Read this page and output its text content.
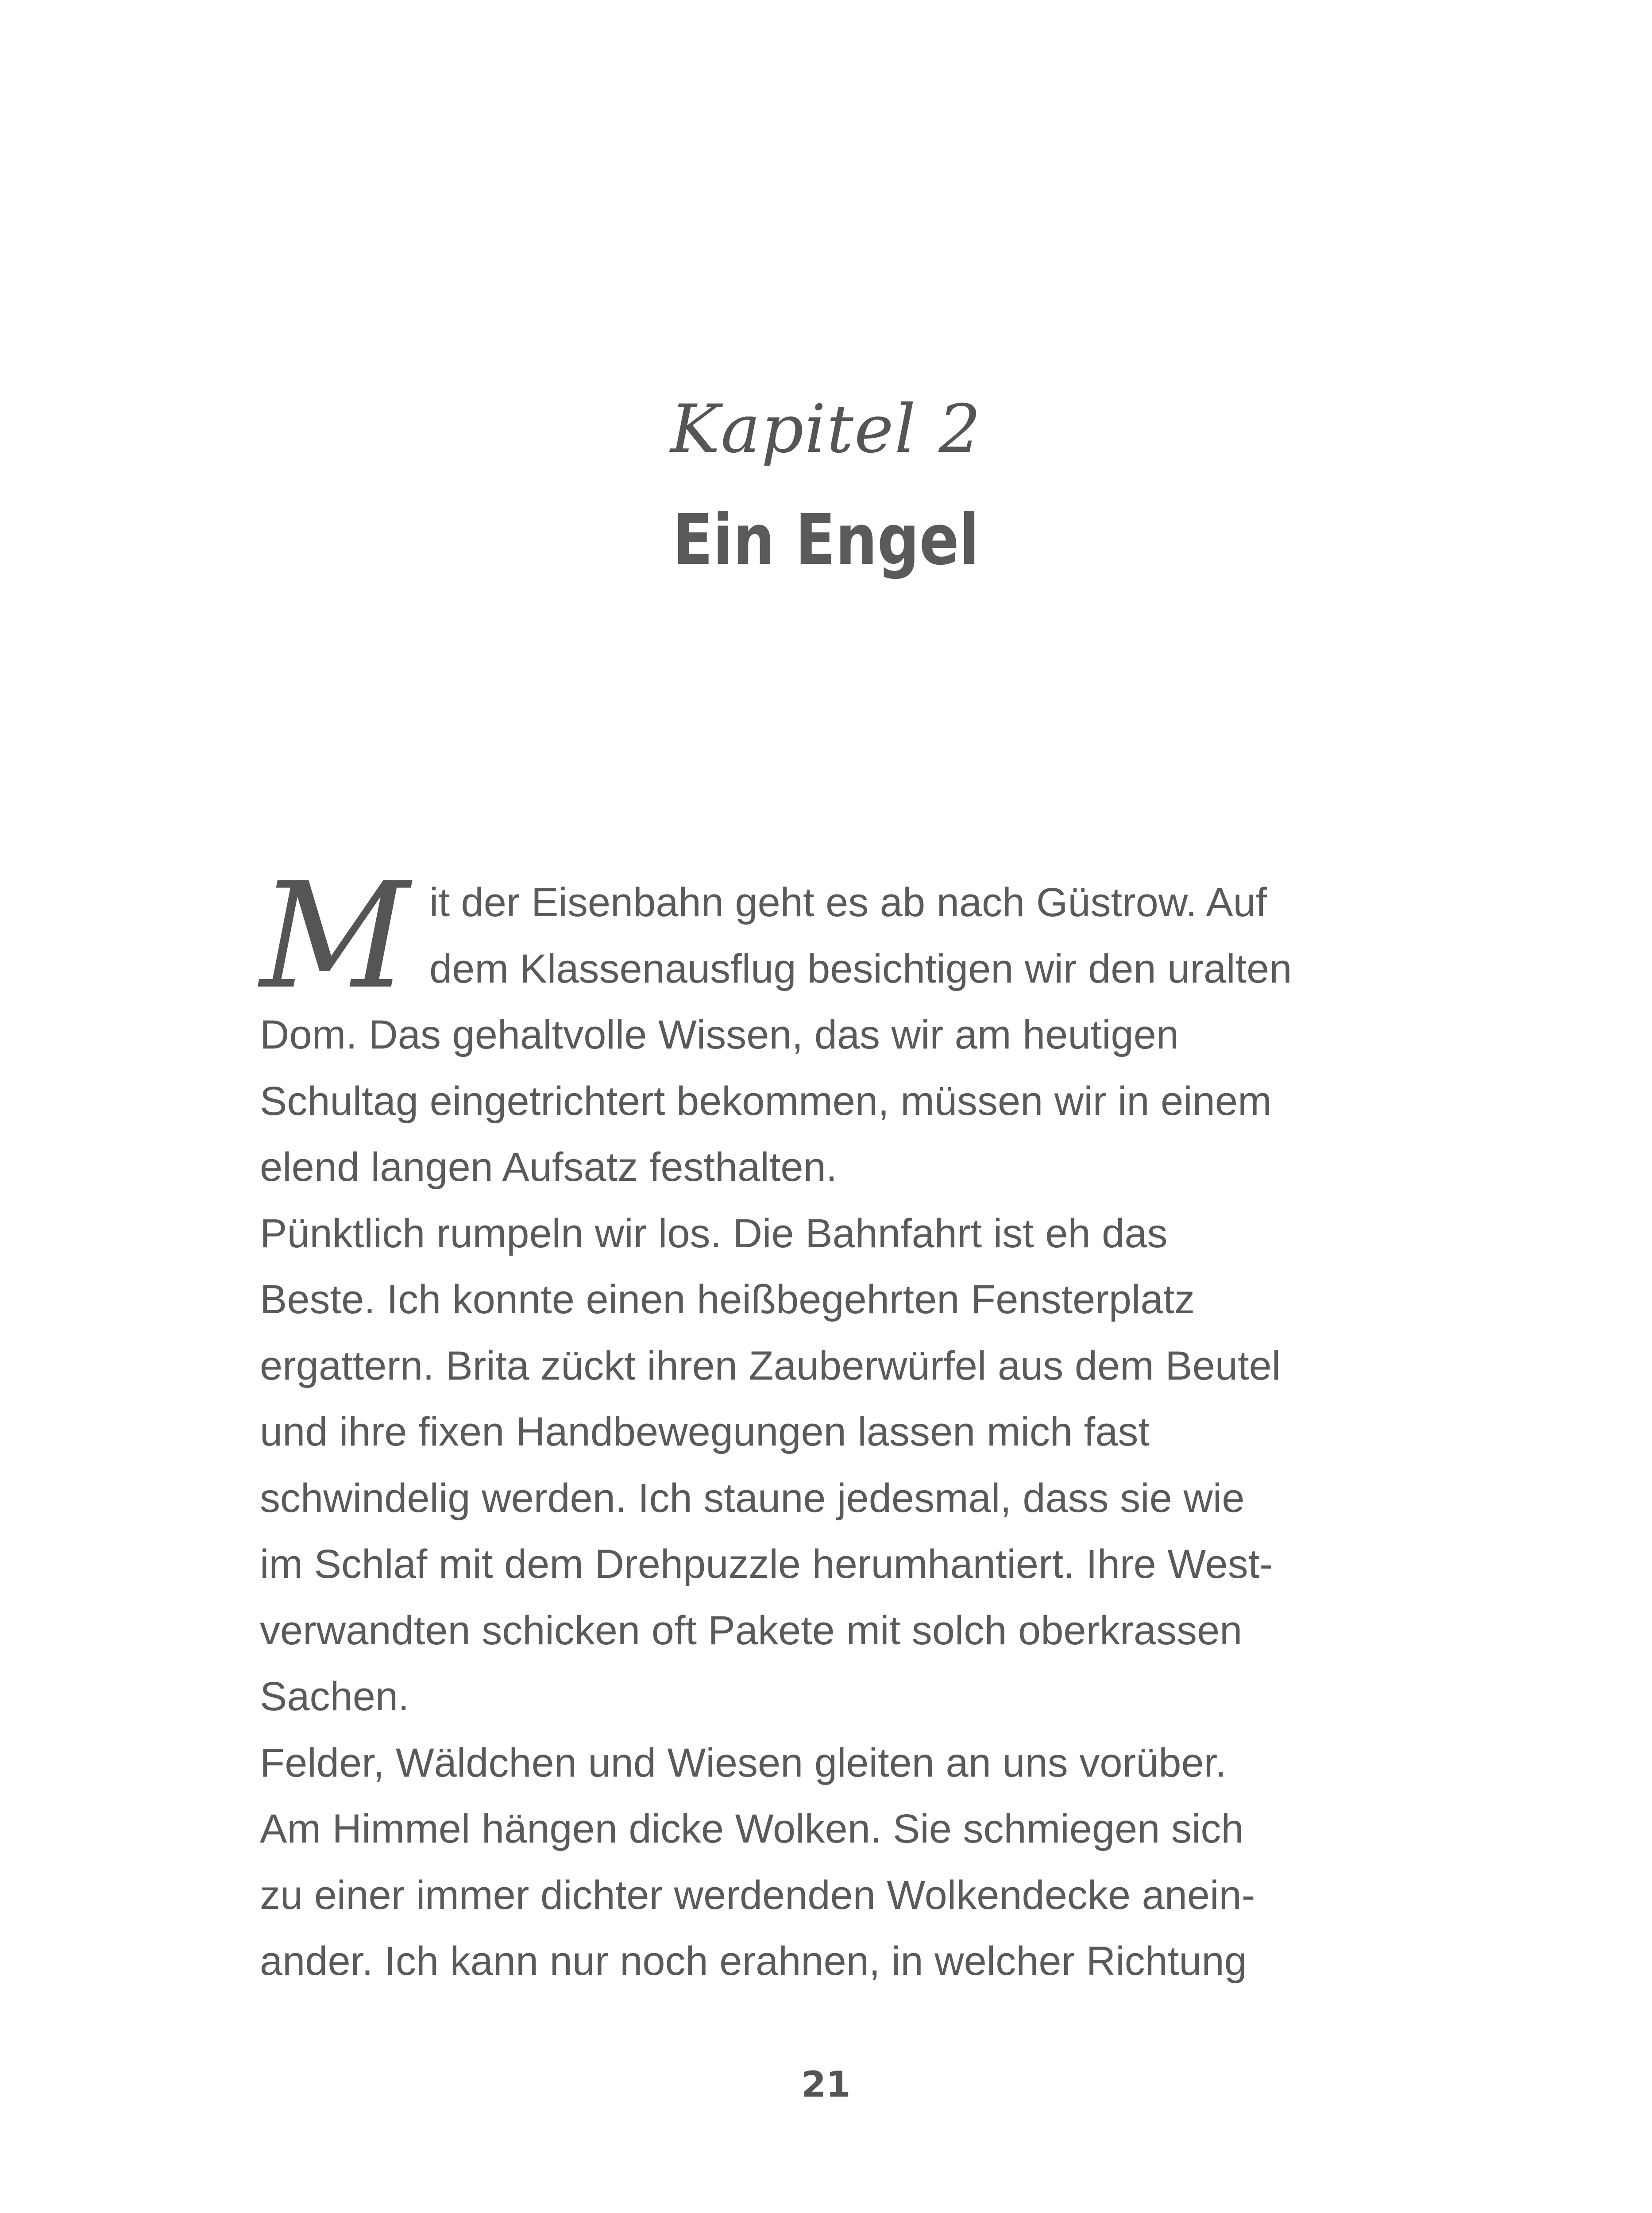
Kapitel 2
Ein Engel
M it der Eisenbahn geht es ab nach Güstrow. Auf
dem Klassenausflug besichtigen wir den uralten
Dom. Das gehaltvolle Wissen, das wir am heutigen
Schultag eingetrichtert bekommen, müssen wir in einem
elend langen Aufsatz festhalten.
Pünktlich rumpeln wir los. Die Bahnfahrt ist eh das
Beste. Ich konnte einen heißbegehrten Fensterplatz
ergattern. Brita zückt ihren Zauberwürfel aus dem Beutel
und ihre fixen Handbewegungen lassen mich fast
schwindelig werden. Ich staune jedesmal, dass sie wie
im Schlaf mit dem Drehpuzzle herumhantiert. Ihre West-
verwandten schicken oft Pakete mit solch oberkrassen
Sachen.
Felder, Wäldchen und Wiesen gleiten an uns vorüber.
Am Himmel hängen dicke Wolken. Sie schmiegen sich
zu einer immer dichter werdenden Wolkendecke anein-
ander. Ich kann nur noch erahnen, in welcher Richtung
21
